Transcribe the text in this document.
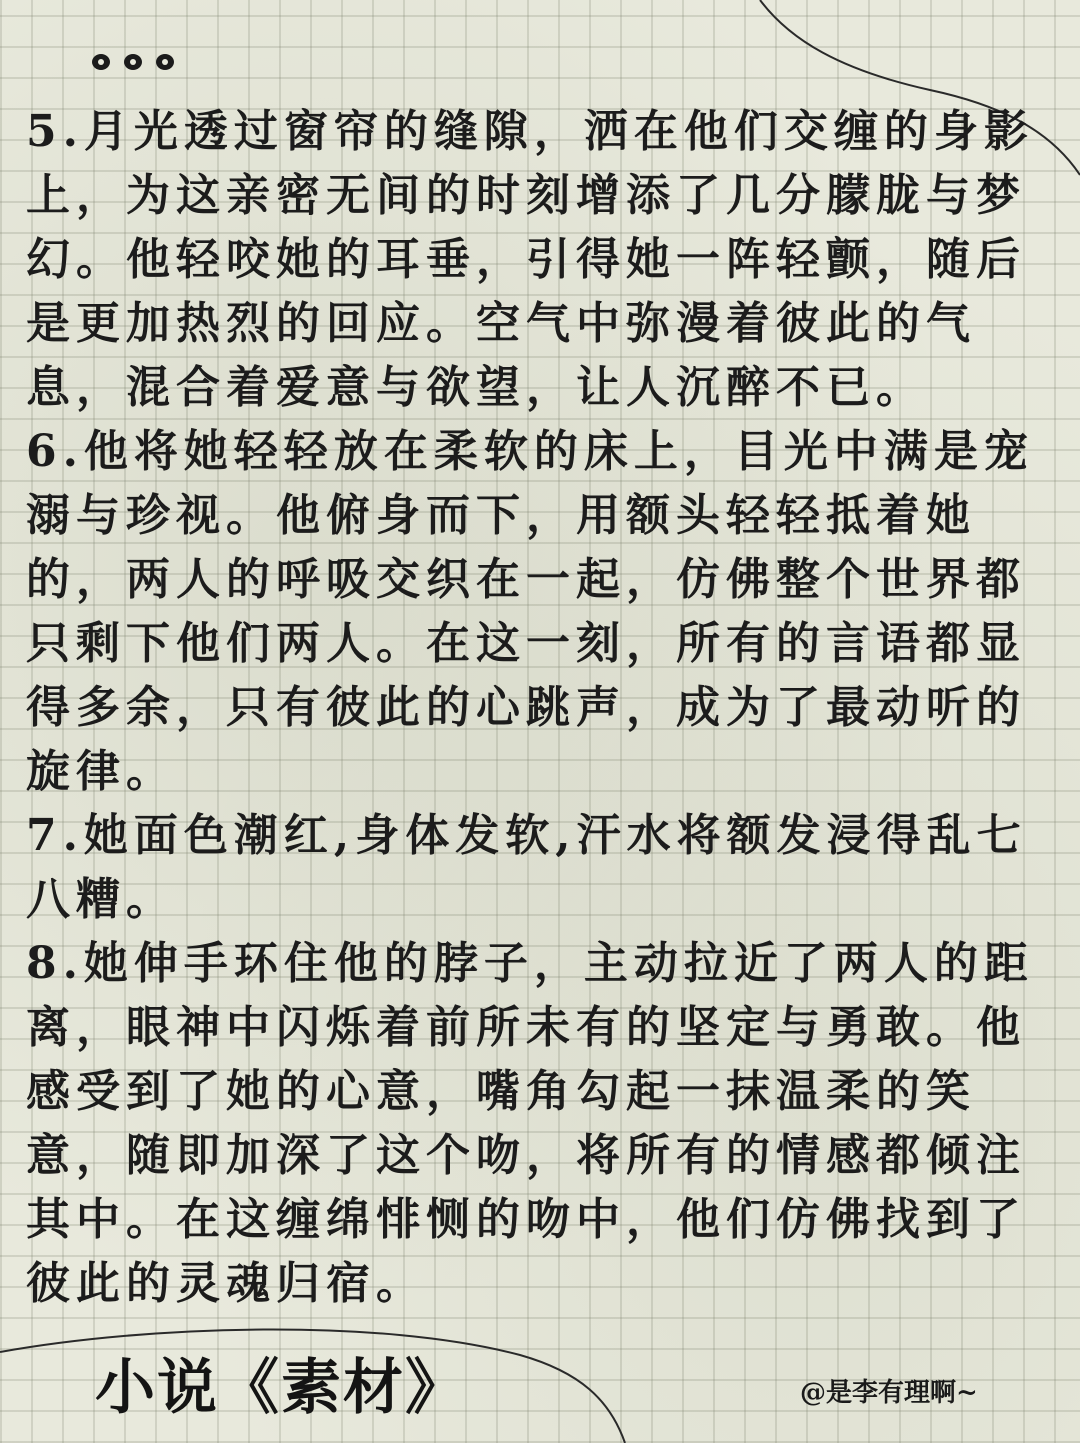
5.月光透过窗帘的缝隙，洒在他们交缠的身影上，为这亲密无间的时刻增添了几分朦胧与梦幻。他轻咬她的耳垂，引得她一阵轻颤，随后是更加热烈的回应。空气中弥漫着彼此的气息，混合着爱意与欲望，让人沉醉不已。

6.他将她轻轻放在柔软的床上，目光中满是宠溺与珍视。他俯身而下，用额头轻轻抵着她的，两人的呼吸交织在一起，仿佛整个世界都只剩下他们两人。在这一刻，所有的言语都显得多余，只有彼此的心跳声，成为了最动听的旋律。

7.她面色潮红,身体发软,汗水将额发浸得乱七八糟。

8.她伸手环住他的脖子，主动拉近了两人的距离，眼神中闪烁着前所未有的坚定与勇敢。他感受到了她的心意，嘴角勾起一抹温柔的笑意，随即加深了这个吻，将所有的情感都倾注其中。在这缠绵悱恻的吻中，他们仿佛找到了彼此的灵魂归宿。

小说《素材》	@是李有理啊~
